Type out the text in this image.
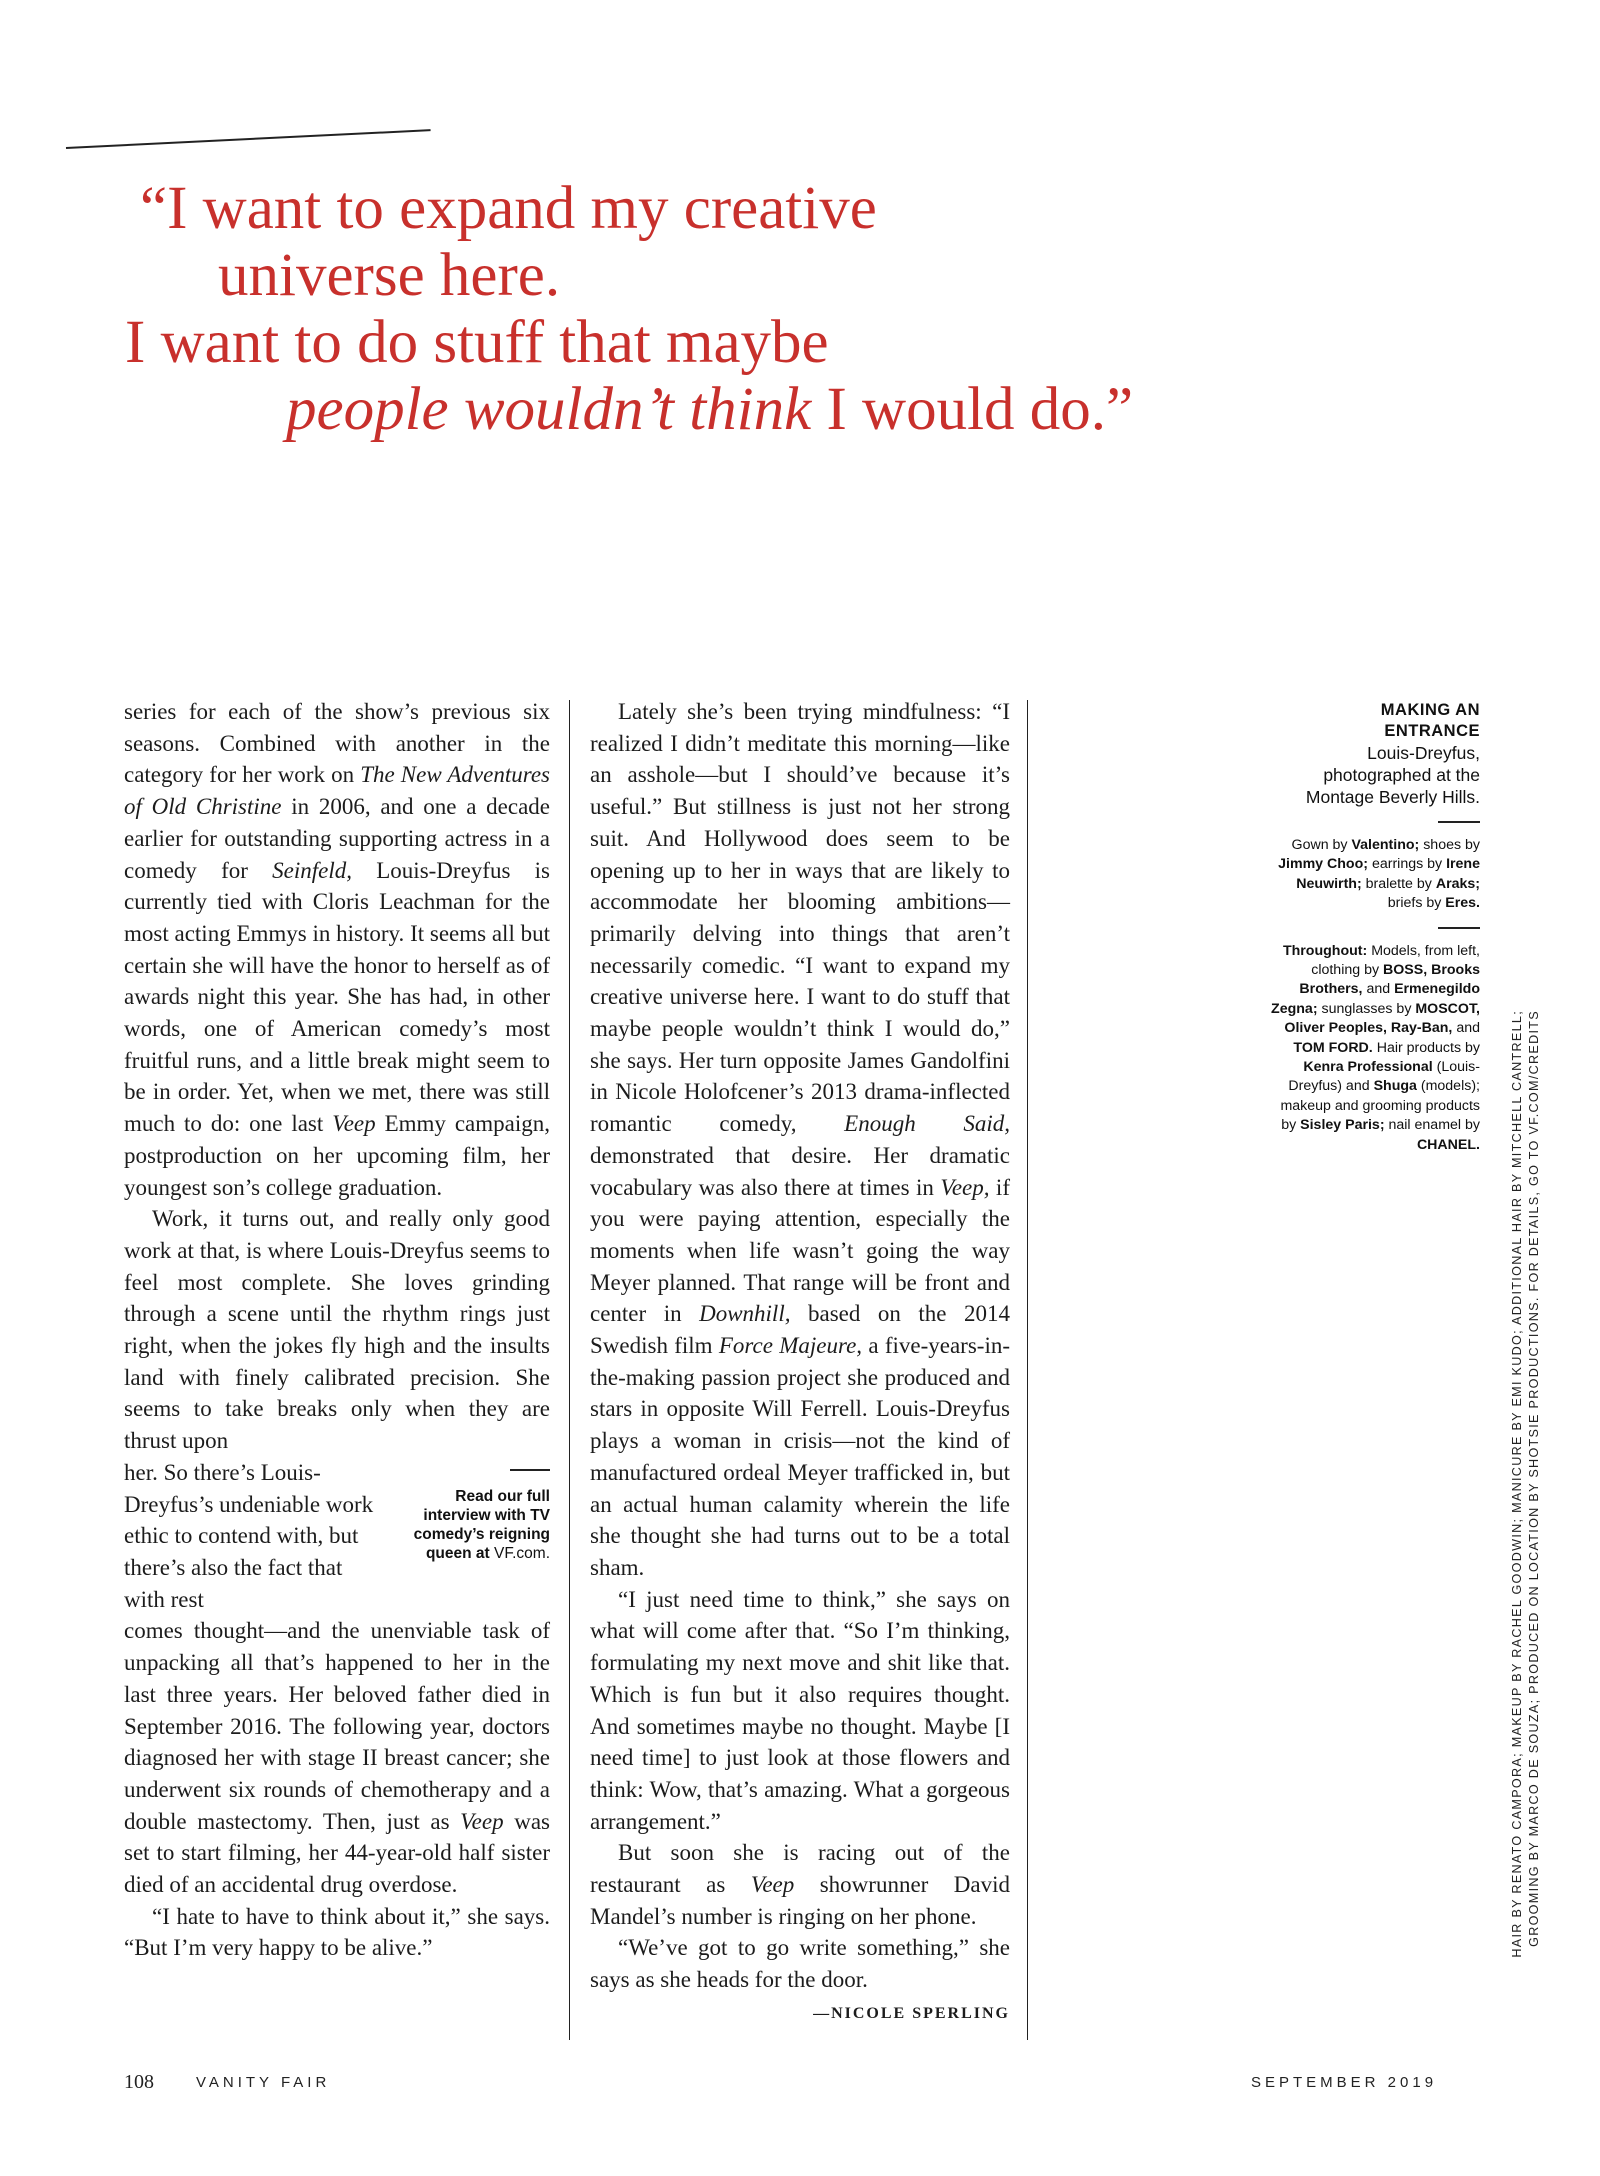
“I want to expand my creative
universe here.
I want to do stuff that maybe
people wouldn’t think I would do.”

series for each of the show’s previous six seasons. Combined with another in the category for her work on The New Adventures of Old Christine in 2006, and one a decade earlier for outstanding supporting actress in a comedy for Seinfeld, Louis-Dreyfus is currently tied with Cloris Leachman for the most acting Emmys in history. It seems all but certain she will have the honor to herself as of awards night this year. She has had, in other words, one of American comedy’s most fruitful runs, and a little break might seem to be in order. Yet, when we met, there was still much to do: one last Veep Emmy campaign, postproduction on her upcoming film, her youngest son’s college graduation.

Work, it turns out, and really only good work at that, is where Louis-Dreyfus seems to feel most complete. She loves grinding through a scene until the rhythm rings just right, when the jokes fly high and the insults land with finely calibrated precision. She seems to take breaks only when they are thrust upon

Read our full interview with TV comedy’s reigning queen at VF.com.

her. So there’s Louis-Dreyfus’s undeniable work ethic to contend with, but there’s also the fact that with rest

comes thought—and the unenviable task of unpacking all that’s happened to her in the last three years. Her beloved father died in September 2016. The following year, doctors diagnosed her with stage II breast cancer; she underwent six rounds of chemotherapy and a double mastectomy. Then, just as Veep was set to start filming, her 44-year-old half sister died of an accidental drug overdose.

“I hate to have to think about it,” she says. “But I’m very happy to be alive.”

Lately she’s been trying mindfulness: “I realized I didn’t meditate this morning—like an asshole—but I should’ve because it’s useful.” But stillness is just not her strong suit. And Hollywood does seem to be opening up to her in ways that are likely to accommodate her blooming ambitions—primarily delving into things that aren’t necessarily comedic. “I want to expand my creative universe here. I want to do stuff that maybe people wouldn’t think I would do,” she says. Her turn opposite James Gandolfini in Nicole Holofcener’s 2013 drama-inflected romantic comedy, Enough Said, demonstrated that desire. Her dramatic vocabulary was also there at times in Veep, if you were paying attention, especially the moments when life wasn’t going the way Meyer planned. That range will be front and center in Downhill, based on the 2014 Swedish film Force Majeure, a five-years-in-the-making passion project she produced and stars in opposite Will Ferrell. Louis-Dreyfus plays a woman in crisis—not the kind of manufactured ordeal Meyer trafficked in, but an actual human calamity wherein the life she thought she had turns out to be a total sham.

“I just need time to think,” she says on what will come after that. “So I’m thinking, formulating my next move and shit like that. Which is fun but it also requires thought. And sometimes maybe no thought. Maybe [I need time] to just look at those flowers and think: Wow, that’s amazing. What a gorgeous arrangement.”

But soon she is racing out of the restaurant as Veep showrunner David Mandel’s number is ringing on her phone.

“We’ve got to go write something,” she says as she heads for the door.

—NICOLE SPERLING
MAKING AN
ENTRANCE
Louis-Dreyfus, photographed at the Montage Beverly Hills.
Gown by Valentino; shoes by Jimmy Choo; earrings by Irene Neuwirth; bralette by Araks; briefs by Eres.
Throughout: Models, from left, clothing by BOSS, Brooks Brothers, and Ermenegildo Zegna; sunglasses by MOSCOT, Oliver Peoples, Ray-Ban, and TOM FORD. Hair products by Kenra Professional (Louis-Dreyfus) and Shuga (models); makeup and grooming products by Sisley Paris; nail enamel by CHANEL. HAIR BY RENATO CAMPORA; MAKEUP BY RACHEL GOODWIN; MANICURE BY EMI KUDO; ADDITIONAL HAIR BY MITCHELL CANTRELL; GROOMING BY MARCO DE SOUZA; PRODUCED ON LOCATION BY SHOTSIE PRODUCTIONS. FOR DETAILS, GO TO VF.COM/CREDITS
108	VANITY FAIR	SEPTEMBER 2019
